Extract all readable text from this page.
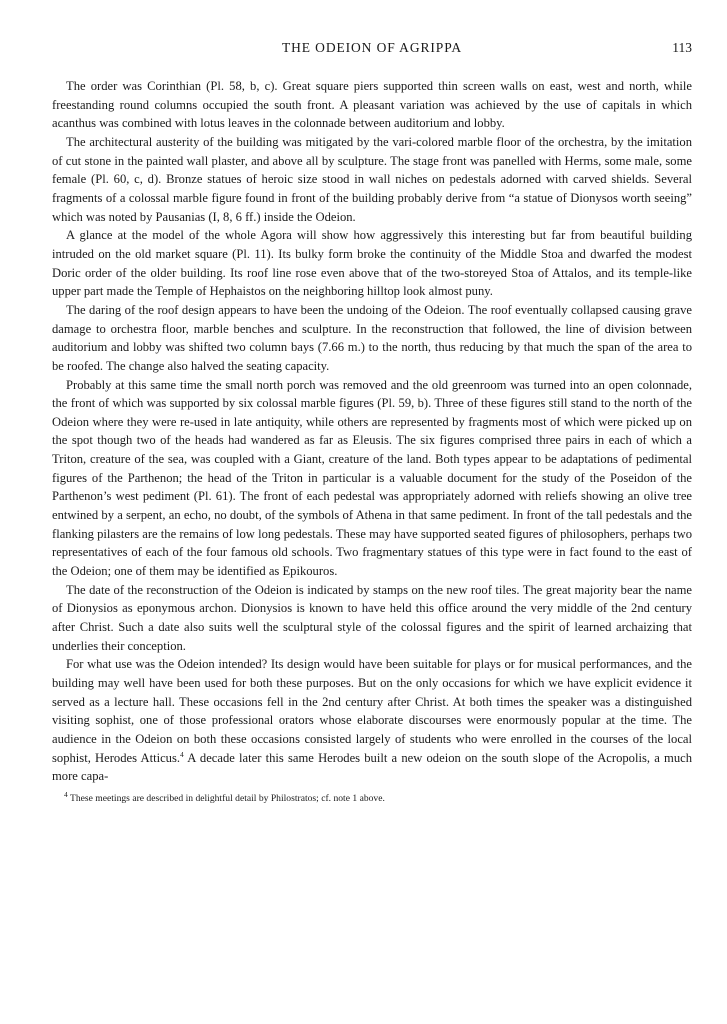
THE ODEION OF AGRIPPA	113

The order was Corinthian (Pl. 58, b, c). Great square piers supported thin screen walls on east, west and north, while freestanding round columns occupied the south front. A pleasant variation was achieved by the use of capitals in which acanthus was combined with lotus leaves in the colonnade between auditorium and lobby.

The architectural austerity of the building was mitigated by the vari-colored marble floor of the orchestra, by the imitation of cut stone in the painted wall plaster, and above all by sculpture. The stage front was panelled with Herms, some male, some female (Pl. 60, c, d). Bronze statues of heroic size stood in wall niches on pedestals adorned with carved shields. Several fragments of a colossal marble figure found in front of the building probably derive from “a statue of Dionysos worth seeing” which was noted by Pausanias (I, 8, 6 ff.) inside the Odeion.

A glance at the model of the whole Agora will show how aggressively this interesting but far from beautiful building intruded on the old market square (Pl. 11). Its bulky form broke the continuity of the Middle Stoa and dwarfed the modest Doric order of the older building. Its roof line rose even above that of the two-storeyed Stoa of Attalos, and its temple-like upper part made the Temple of Hephaistos on the neighboring hilltop look almost puny.

The daring of the roof design appears to have been the undoing of the Odeion. The roof eventually collapsed causing grave damage to orchestra floor, marble benches and sculpture. In the reconstruction that followed, the line of division between auditorium and lobby was shifted two column bays (7.66 m.) to the north, thus reducing by that much the span of the area to be roofed. The change also halved the seating capacity.

Probably at this same time the small north porch was removed and the old greenroom was turned into an open colonnade, the front of which was supported by six colossal marble figures (Pl. 59, b). Three of these figures still stand to the north of the Odeion where they were re-used in late antiquity, while others are represented by fragments most of which were picked up on the spot though two of the heads had wandered as far as Eleusis. The six figures comprised three pairs in each of which a Triton, creature of the sea, was coupled with a Giant, creature of the land. Both types appear to be adaptations of pedimental figures of the Parthenon; the head of the Triton in particular is a valuable document for the study of the Poseidon of the Parthenon’s west pediment (Pl. 61). The front of each pedestal was appropriately adorned with reliefs showing an olive tree entwined by a serpent, an echo, no doubt, of the symbols of Athena in that same pediment. In front of the tall pedestals and the flanking pilasters are the remains of low long pedestals. These may have supported seated figures of philosophers, perhaps two representatives of each of the four famous old schools. Two fragmentary statues of this type were in fact found to the east of the Odeion; one of them may be identified as Epikouros.

The date of the reconstruction of the Odeion is indicated by stamps on the new roof tiles. The great majority bear the name of Dionysios as eponymous archon. Dionysios is known to have held this office around the very middle of the 2nd century after Christ. Such a date also suits well the sculptural style of the colossal figures and the spirit of learned archaizing that underlies their conception.

For what use was the Odeion intended? Its design would have been suitable for plays or for musical performances, and the building may well have been used for both these purposes. But on the only occasions for which we have explicit evidence it served as a lecture hall. These occasions fell in the 2nd century after Christ. At both times the speaker was a distinguished visiting sophist, one of those professional orators whose elaborate discourses were enormously popular at the time. The audience in the Odeion on both these occasions consisted largely of students who were enrolled in the courses of the local sophist, Herodes Atticus.$^4$ A decade later this same Herodes built a new odeion on the south slope of the Acropolis, a much more capa-

$^4$ These meetings are described in delightful detail by Philostratos; cf. note 1 above.
